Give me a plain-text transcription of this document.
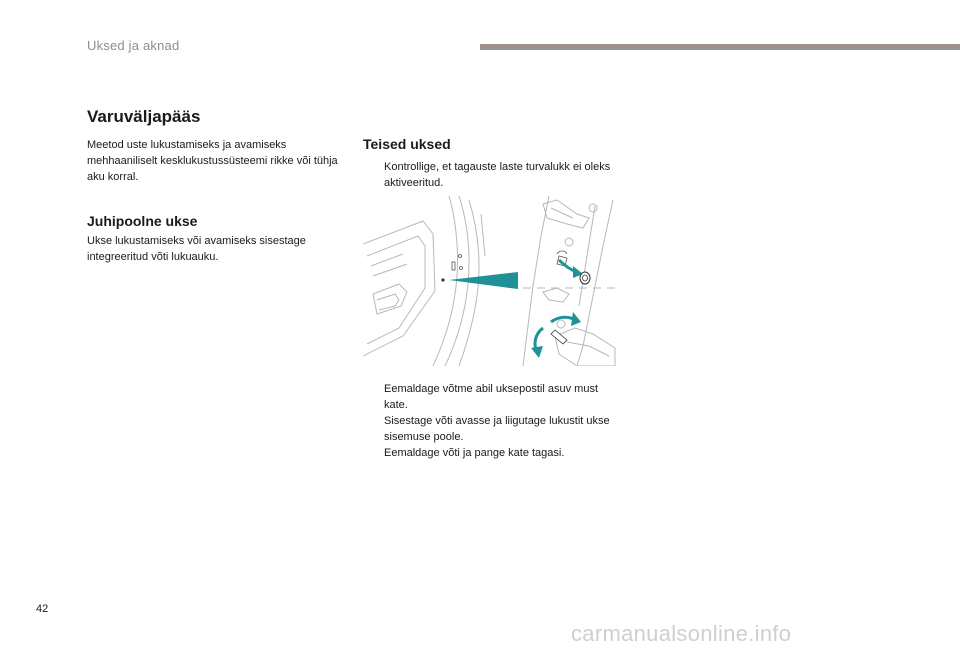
Uksed ja aknad
Varuväljapääs
Meetod uste lukustamiseks ja avamiseks mehhaaniliselt kesklukustussüsteemi rikke või tühja aku korral.
Juhipoolne ukse
Ukse lukustamiseks või avamiseks sisestage integreeritud võti lukuauku.
Teised uksed
Kontrollige, et tagauste laste turvalukk ei oleks aktiveeritud.
Eemaldage võtme abil uksepostil asuv must kate.
Sisestage võti avasse ja liigutage lukustit ukse sisemuse poole.
Eemaldage võti ja pange kate tagasi.
42
carmanualsonline.info
